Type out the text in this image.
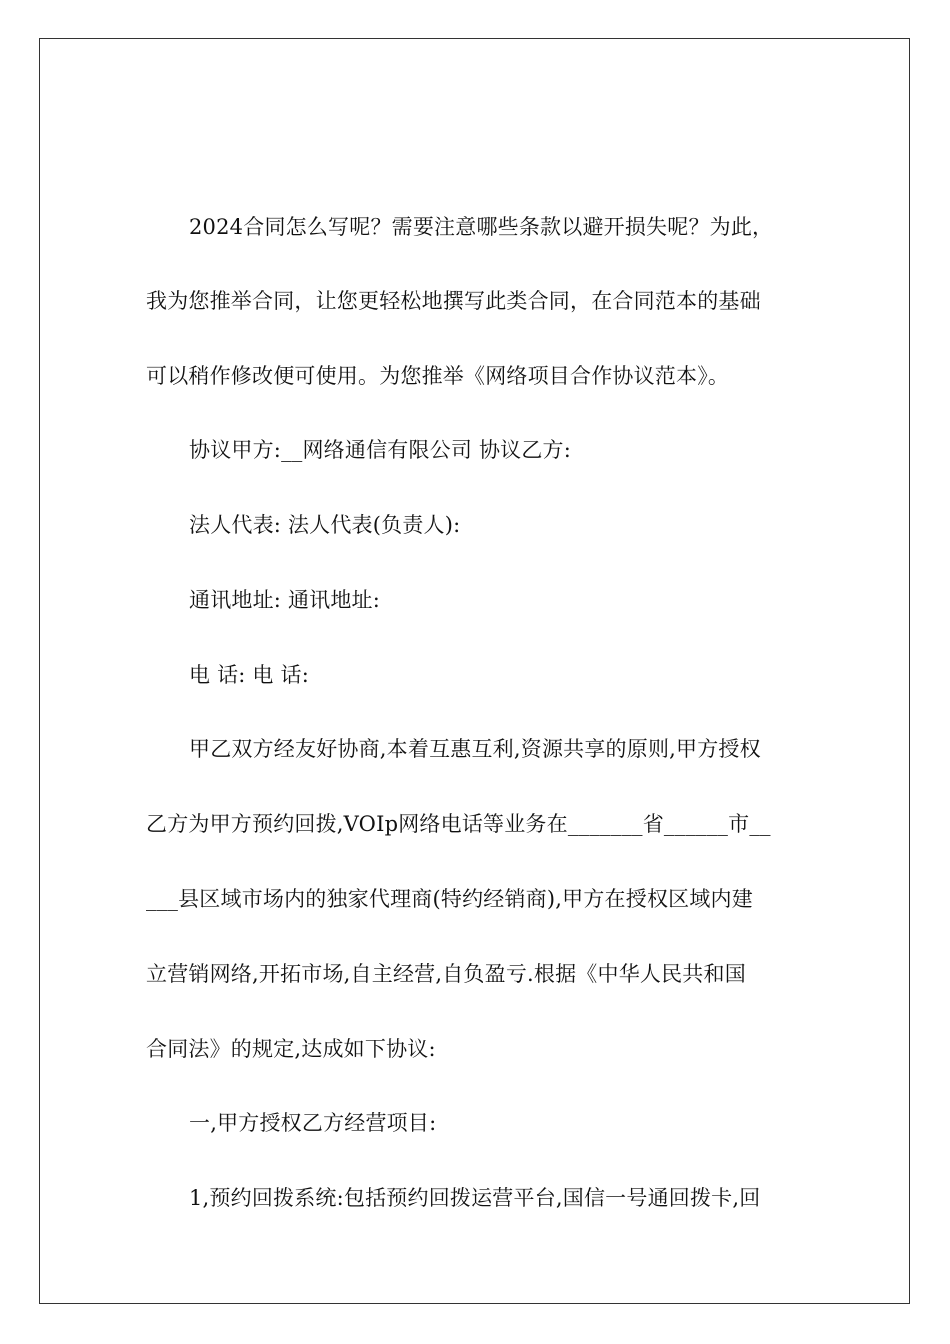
2024合同怎么写呢？需要注意哪些条款以避开损失呢？为此，
我为您推举合同，让您更轻松地撰写此类合同，在合同范本的基础
可以稍作修改便可使用。为您推举《网络项目合作协议范本》。
协议甲方:__网络通信有限公司 协议乙方:
法人代表: 法人代表(负责人):
通讯地址: 通讯地址:
电 话: 电 话:
甲乙双方经友好协商,本着互惠互利,资源共享的原则,甲方授权
乙方为甲方预约回拨,VOIp网络电话等业务在_______省______市__
___县区域市场内的独家代理商(特约经销商),甲方在授权区域内建
立营销网络,开拓市场,自主经营,自负盈亏.根据《中华人民共和国
合同法》的规定,达成如下协议:
一,甲方授权乙方经营项目:
1,预约回拨系统:包括预约回拨运营平台,国信一号通回拨卡,回
